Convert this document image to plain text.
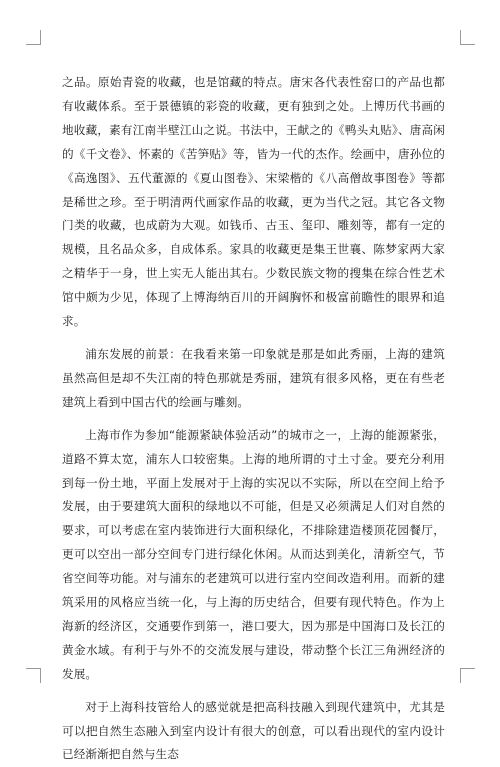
之品。原始青瓷的收藏，也是馆藏的特点。唐宋各代表性窑口的产品也都有收藏体系。至于景德镇的彩瓷的收藏，更有独到之处。上博历代书画的地收藏，素有江南半壁江山之说。书法中，王献之的《鸭头丸贴》、唐高闲的《千文卷》、怀素的《苦笋贴》等，皆为一代的杰作。绘画中，唐孙位的《高逸图》、五代董源的《夏山图卷》、宋梁楷的《八高僧故事图卷》等都是稀世之珍。至于明清两代画家作品的收藏，更为当代之冠。其它各文物门类的收藏，也成蔚为大观。如钱币、古玉、玺印、雕刻等，都有一定的规模，且名品众多，自成体系。家具的收藏更是集王世襄、陈梦家两大家之精华于一身，世上实无人能出其右。少数民族文物的搜集在综合性艺术馆中颇为少见，体现了上博海纳百川的开阔胸怀和极富前瞻性的眼界和追求。

浦东发展的前景：在我看来第一印象就是那是如此秀丽，上海的建筑虽然高但是却不失江南的特色那就是秀丽，建筑有很多风格，更在有些老建筑上看到中国古代的绘画与雕刻。

上海市作为参加“能源紧缺体验活动”的城市之一，上海的能源紧张，道路不算太宽，浦东人口较密集。上海的地所谓的寸土寸金。要充分利用到每一份土地，平面上发展对于上海的实况以不实际，所以在空间上给予发展，由于要建筑大面积的绿地以不可能，但是又必须满足人们对自然的要求，可以考虑在室内装饰进行大面积绿化，不排除建造楼顶花园餐厅，更可以空出一部分空间专门进行绿化休闲。从而达到美化，清新空气，节省空间等功能。对与浦东的老建筑可以进行室内空间改造利用。而新的建筑采用的风格应当统一化，与上海的历史结合，但要有现代特色。作为上海新的经济区，交通要作到第一，港口要大，因为那是中国海口及长江的黄金水域。有利于与外不的交流发展与建设，带动整个长江三角洲经济的发展。

对于上海科技管给人的感觉就是把高科技融入到现代建筑中，尤其是可以把自然生态融入到室内设计有很大的创意，可以看出现代的室内设计已经渐渐把自然与生态
